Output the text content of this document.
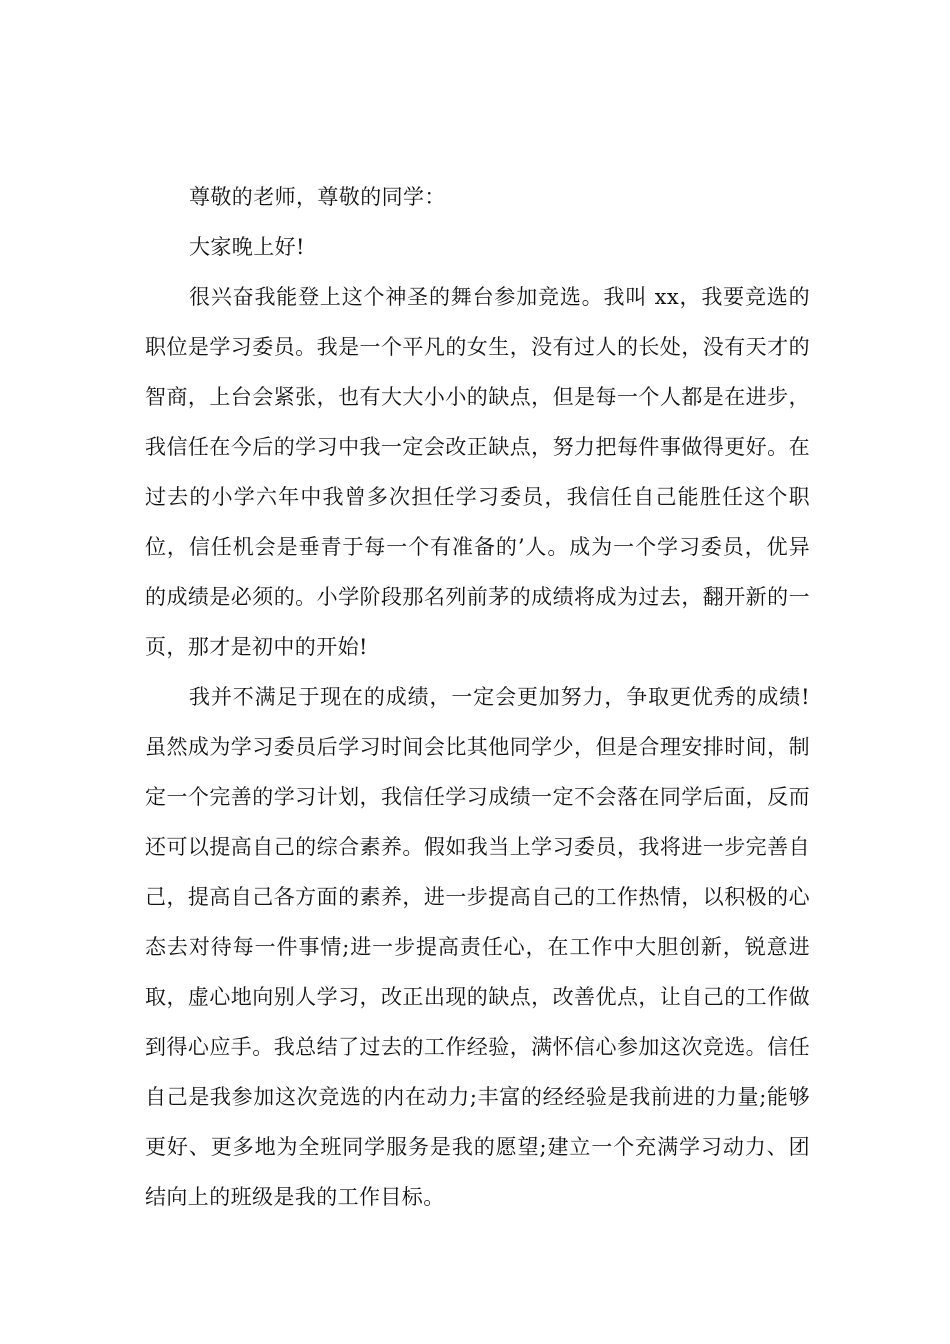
尊敬的老师，尊敬的同学：

大家晚上好!

很兴奋我能登上这个神圣的舞台参加竞选。我叫 xx，我要竞选的职位是学习委员。我是一个平凡的女生，没有过人的长处，没有天才的智商，上台会紧张，也有大大小小的缺点，但是每一个人都是在进步，我信任在今后的学习中我一定会改正缺点，努力把每件事做得更好。在过去的小学六年中我曾多次担任学习委员，我信任自己能胜任这个职位，信任机会是垂青于每一个有准备的’人。成为一个学习委员，优异的成绩是必须的。小学阶段那名列前茅的成绩将成为过去，翻开新的一页，那才是初中的开始!

我并不满足于现在的成绩，一定会更加努力，争取更优秀的成绩!虽然成为学习委员后学习时间会比其他同学少，但是合理安排时间，制定一个完善的学习计划，我信任学习成绩一定不会落在同学后面，反而还可以提高自己的综合素养。假如我当上学习委员，我将进一步完善自己，提高自己各方面的素养，进一步提高自己的工作热情，以积极的心态去对待每一件事情;进一步提高责任心，在工作中大胆创新，锐意进取，虚心地向别人学习，改正出现的缺点，改善优点，让自己的工作做到得心应手。我总结了过去的工作经验，满怀信心参加这次竞选。信任自己是我参加这次竞选的内在动力;丰富的经经验是我前进的力量;能够更好、更多地为全班同学服务是我的愿望;建立一个充满学习动力、团结向上的班级是我的工作目标。
